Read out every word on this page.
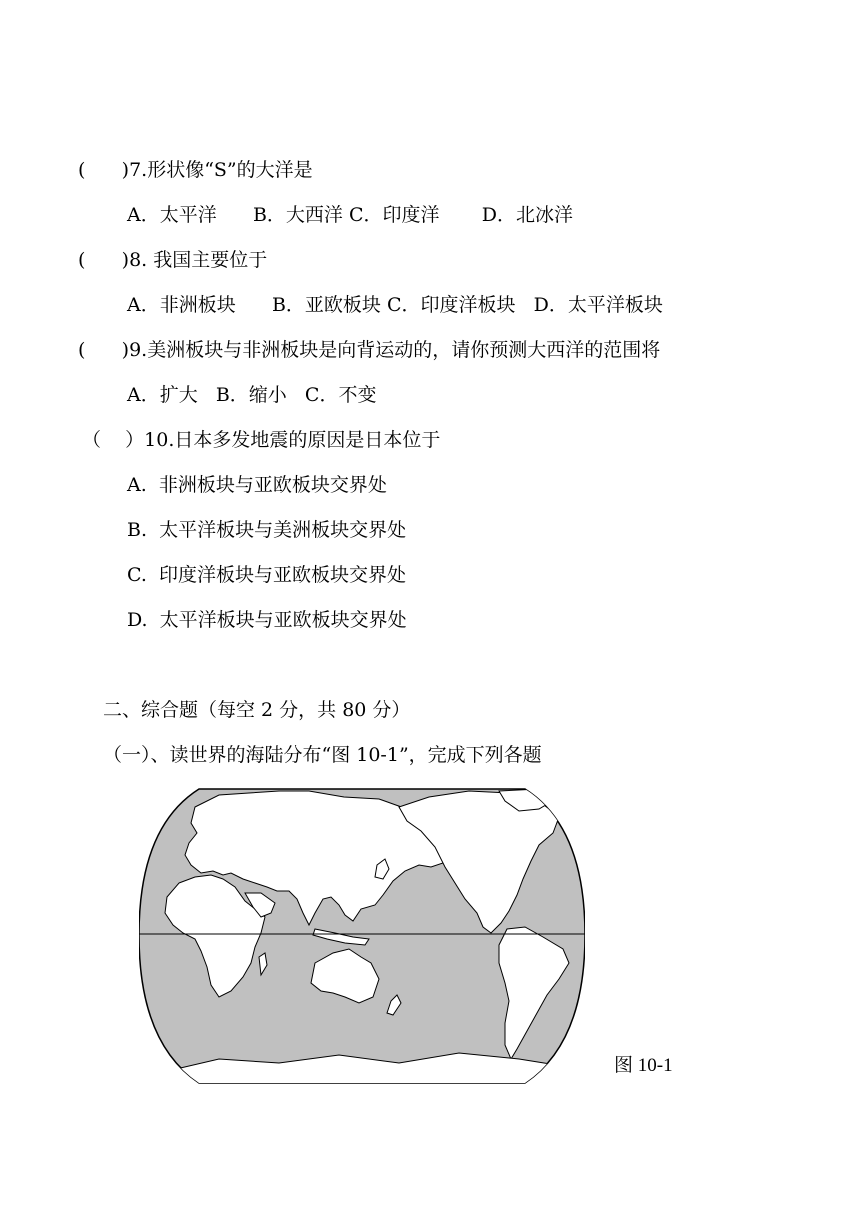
(      )7.形状像“S”的大洋是
A．太平洋      B．大西洋 C．印度洋       D．北冰洋
(      )8. 我国主要位于
A．非洲板块      B．亚欧板块 C．印度洋板块   D．太平洋板块
(      )9.美洲板块与非洲板块是向背运动的，请你预测大西洋的范围将
A．扩大   B．缩小   C．不变
（    ）10.日本多发地震的原因是日本位于
A.  非洲板块与亚欧板块交界处
B.  太平洋板块与美洲板块交界处
C.  印度洋板块与亚欧板块交界处
D.  太平洋板块与亚欧板块交界处
二、综合题（每空 2 分，共 80 分）
（一）、读世界的海陆分布“图 10-1”，完成下列各题
图 10-1
